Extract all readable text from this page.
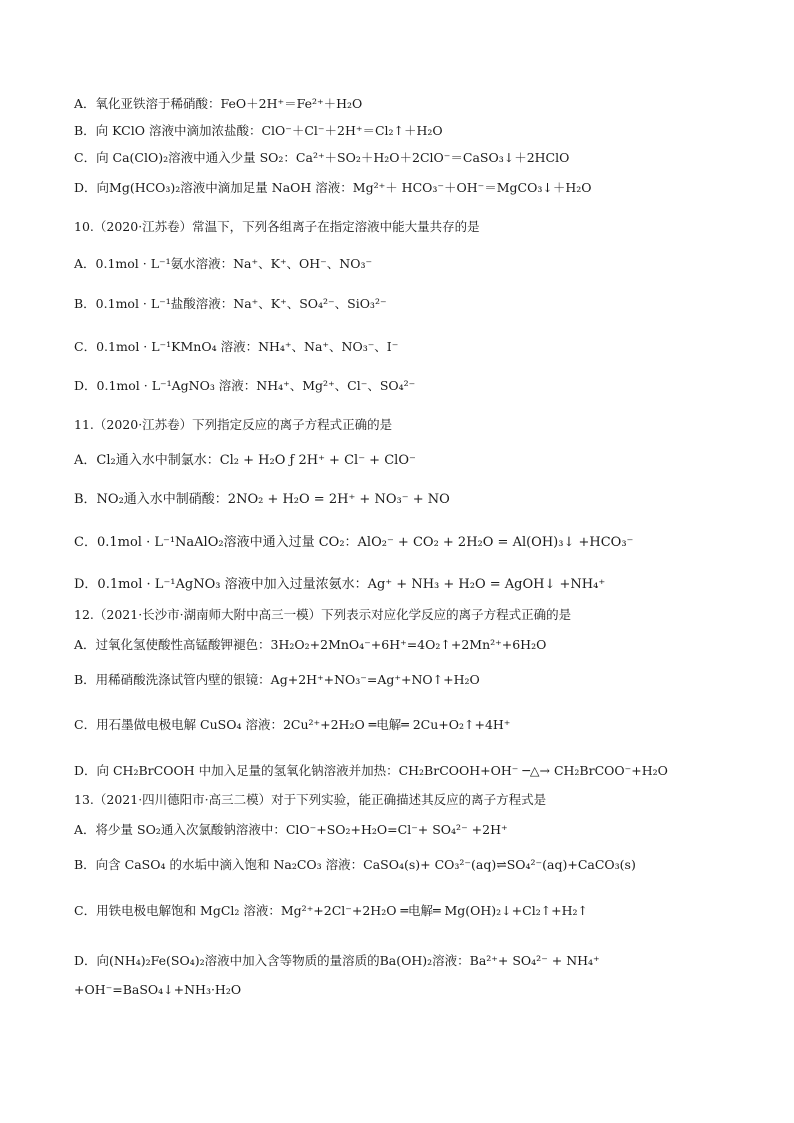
A．氧化亚铁溶于稀硝酸：FeO＋2H⁺＝Fe²⁺＋H₂O

B．向 KClO 溶液中滴加浓盐酸：ClO⁻＋Cl⁻＋2H⁺＝Cl₂↑＋H₂O

C．向 Ca(ClO)₂溶液中通入少量 SO₂：Ca²⁺＋SO₂＋H₂O＋2ClO⁻＝CaSO₃↓＋2HClO

D．向Mg(HCO₃)₂溶液中滴加足量 NaOH 溶液：Mg²⁺＋ HCO₃⁻＋OH⁻＝MgCO₃↓＋H₂O

10.（2020·江苏卷）常温下，下列各组离子在指定溶液中能大量共存的是

A．0.1mol · L⁻¹氨水溶液：Na⁺、K⁺、OH⁻、NO₃⁻

B．0.1mol · L⁻¹盐酸溶液：Na⁺、K⁺、SO₄²⁻、SiO₃²⁻

C．0.1mol · L⁻¹KMnO₄ 溶液：NH₄⁺、Na⁺、NO₃⁻、I⁻

D．0.1mol · L⁻¹AgNO₃ 溶液：NH₄⁺、Mg²⁺、Cl⁻、SO₄²⁻

11.（2020·江苏卷）下列指定反应的离子方程式正确的是

A．Cl₂通入水中制氯水：Cl₂ + H₂O ƒ 2H⁺ + Cl⁻ + ClO⁻

B．NO₂通入水中制硝酸：2NO₂ + H₂O = 2H⁺ + NO₃⁻ + NO

C．0.1mol · L⁻¹NaAlO₂溶液中通入过量 CO₂：AlO₂⁻ + CO₂ + 2H₂O = Al(OH)₃↓ +HCO₃⁻

D．0.1mol · L⁻¹AgNO₃ 溶液中加入过量浓氨水：Ag⁺ + NH₃ + H₂O = AgOH↓ +NH₄⁺

12.（2021·长沙市·湖南师大附中高三一模）下列表示对应化学反应的离子方程式正确的是

A．过氧化氢使酸性高锰酸钾褪色：3H₂O₂+2MnO₄⁻+6H⁺=4O₂↑+2Mn²⁺+6H₂O

B．用稀硝酸洗涤试管内壁的银镜：Ag+2H⁺+NO₃⁻=Ag⁺+NO↑+H₂O

C．用石墨做电极电解 CuSO₄ 溶液：2Cu²⁺+2H₂O ═电解═ 2Cu+O₂↑+4H⁺

D．向 CH₂BrCOOH 中加入足量的氢氧化钠溶液并加热：CH₂BrCOOH+OH⁻ ─△→ CH₂BrCOO⁻+H₂O

13.（2021·四川德阳市·高三二模）对于下列实验，能正确描述其反应的离子方程式是

A．将少量 SO₂通入次氯酸钠溶液中：ClO⁻+SO₂+H₂O=Cl⁻+ SO₄²⁻ +2H⁺

B．向含 CaSO₄ 的水垢中滴入饱和 Na₂CO₃ 溶液：CaSO₄(s)+ CO₃²⁻(aq)⇌SO₄²⁻(aq)+CaCO₃(s)

C．用铁电极电解饱和 MgCl₂ 溶液：Mg²⁺+2Cl⁻+2H₂O ═电解═ Mg(OH)₂↓+Cl₂↑+H₂↑

D．向(NH₄)₂Fe(SO₄)₂溶液中加入含等物质的量溶质的Ba(OH)₂溶液：Ba²⁺+ SO₄²⁻ + NH₄⁺

+OH⁻=BaSO₄↓+NH₃·H₂O
